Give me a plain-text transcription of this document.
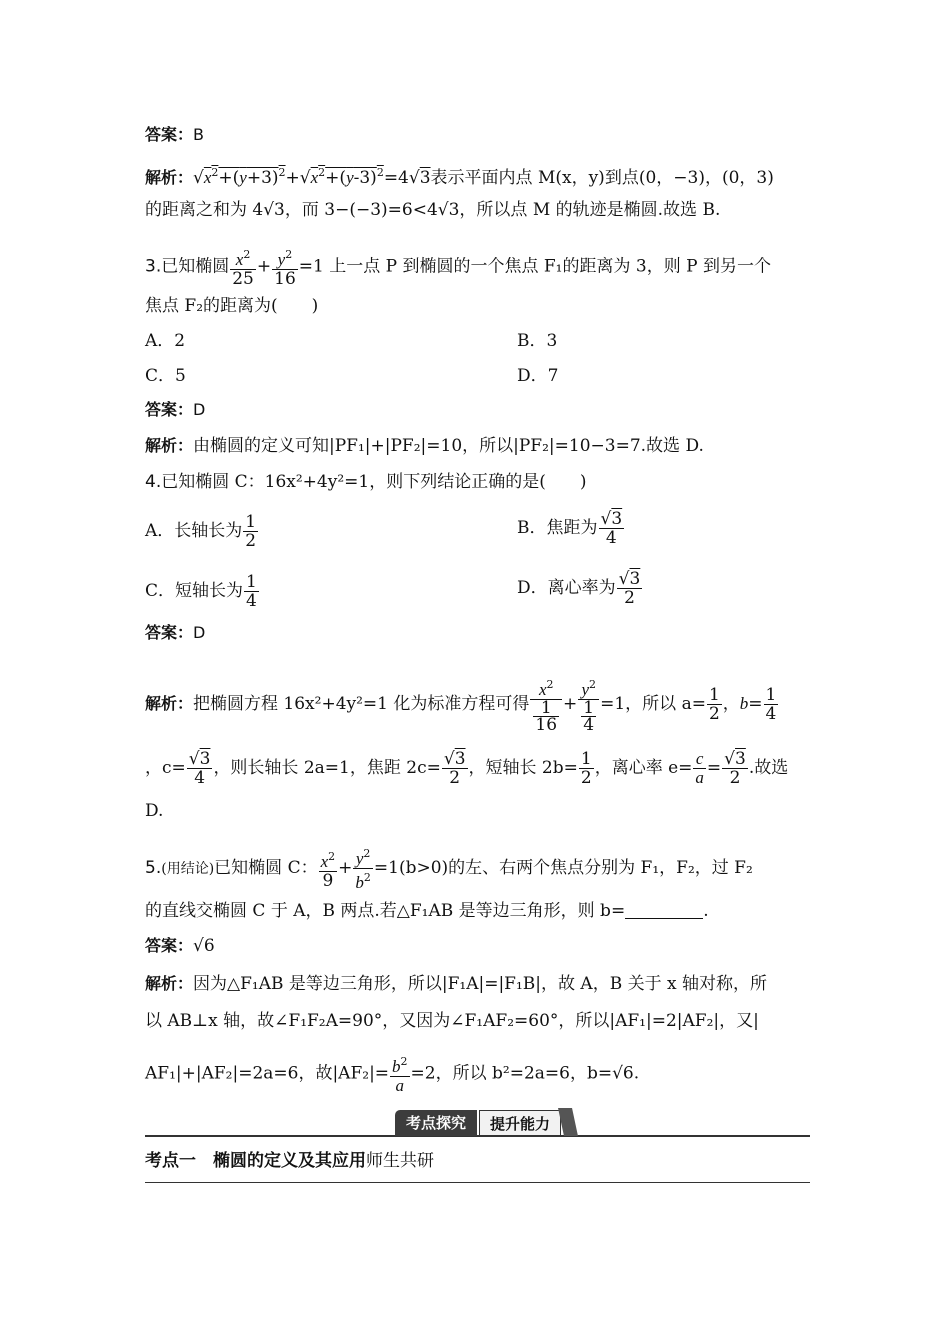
答案：B
解析：$√x^2+(y+3)^2+√x^2+(y-3)^2=4√3$表示平面内点 M(x，y)到点(0，−3)，(0，3)
的距离之和为 4√3，而 3−(−3)=6<4√3，所以点 M 的轨迹是椭圆.故选 B.
3.已知椭圆 $\frac{x^2}{25} + \frac{y^2}{16} =1$ 上一点 P 到椭圆的一个焦点 F₁的距离为 3，则 P 到另一个
焦点 F₂的距离为(　　)
A．2	B．3
C．5	D．7
答案：D
解析：由椭圆的定义可知|PF₁|+|PF₂|=10，所以|PF₂|=10−3=7.故选 D.
4.已知椭圆 C：16x²+4y²=1，则下列结论正确的是(　　)
A．长轴长为 $\frac{1}{2}$	B．焦距为 $\frac{√3}{4}$
C．短轴长为 $\frac{1}{4}$	D．离心率为 $\frac{√3}{2}$
答案：D
解析：把椭圆方程 16x²+4y²=1 化为标准方程可得 $\frac{x^2}{\frac{1}{16}} + \frac{y^2}{\frac{1}{4}} =1$，所以 $a= \frac{1}{2}$ ，$b= \frac{1}{4}$
，$c= \frac{√3}{4}$ ，则长轴长 2a=1，焦距 $2c= \frac{√3}{2}$ ，短轴长 $2b= \frac{1}{2}$ ，离心率 $e= \frac{c}{a} = \frac{√3}{2}$ .故选
D.
5.(用结论)已知椭圆 C： $\frac{x^2}{9} + \frac{y^2}{b^2} =1(b>0)$的左、右两个焦点分别为 F₁，F₂，过 F₂
的直线交椭圆 C 于 A，B 两点.若△F₁AB 是等边三角形，则 b=	.
答案：√6
解析：因为△F₁AB 是等边三角形，所以|F₁A|=|F₁B|，故 A，B 关于 x 轴对称，所
以 AB⊥x 轴，故∠F₁F₂A=90°，又因为∠F₁AF₂=60°，所以|AF₁|=2|AF₂|，又|
AF₁|+|AF₂|=2a=6，故$|AF_2|= \frac{b^2}{a} =2$，所以 b²=2a=6，b=√6.
考点探究	提升能力
考点一　椭圆的定义及其应用师生共研
